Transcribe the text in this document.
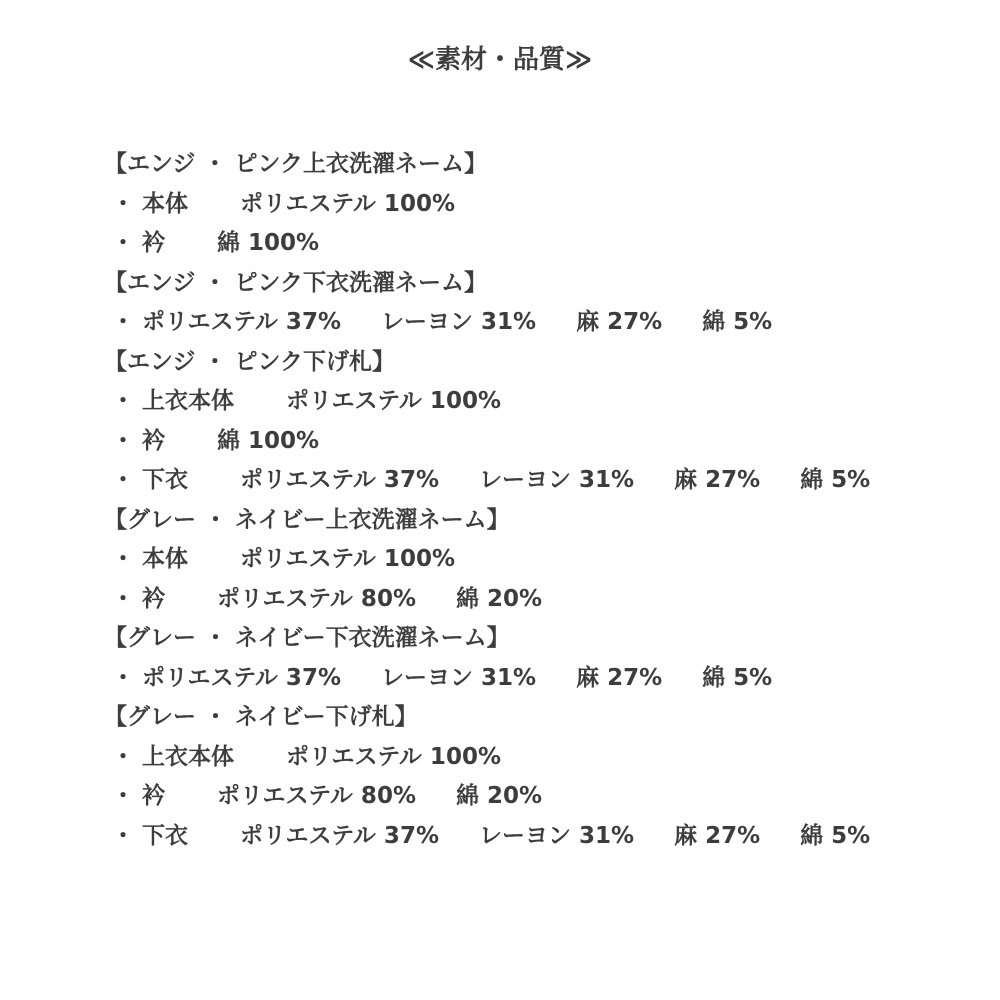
≪素材・品質≫
【エンジ ・ ピンク上衣洗濯ネーム】
・ 本体 ポリエステル 100%
・ 衿 綿 100%
【エンジ ・ ピンク下衣洗濯ネーム】
・ ポリエステル 37% レーヨン 31% 麻 27% 綿 5%
【エンジ ・ ピンク下げ札】
・ 上衣本体 ポリエステル 100%
・ 衿 綿 100%
・ 下衣 ポリエステル 37% レーヨン 31% 麻 27% 綿 5%
【グレー ・ ネイビー上衣洗濯ネーム】
・ 本体 ポリエステル 100%
・ 衿 ポリエステル 80% 綿 20%
【グレー ・ ネイビー下衣洗濯ネーム】
・ ポリエステル 37% レーヨン 31% 麻 27% 綿 5%
【グレー ・ ネイビー下げ札】
・ 上衣本体 ポリエステル 100%
・ 衿 ポリエステル 80% 綿 20%
・ 下衣 ポリエステル 37% レーヨン 31% 麻 27% 綿 5%
